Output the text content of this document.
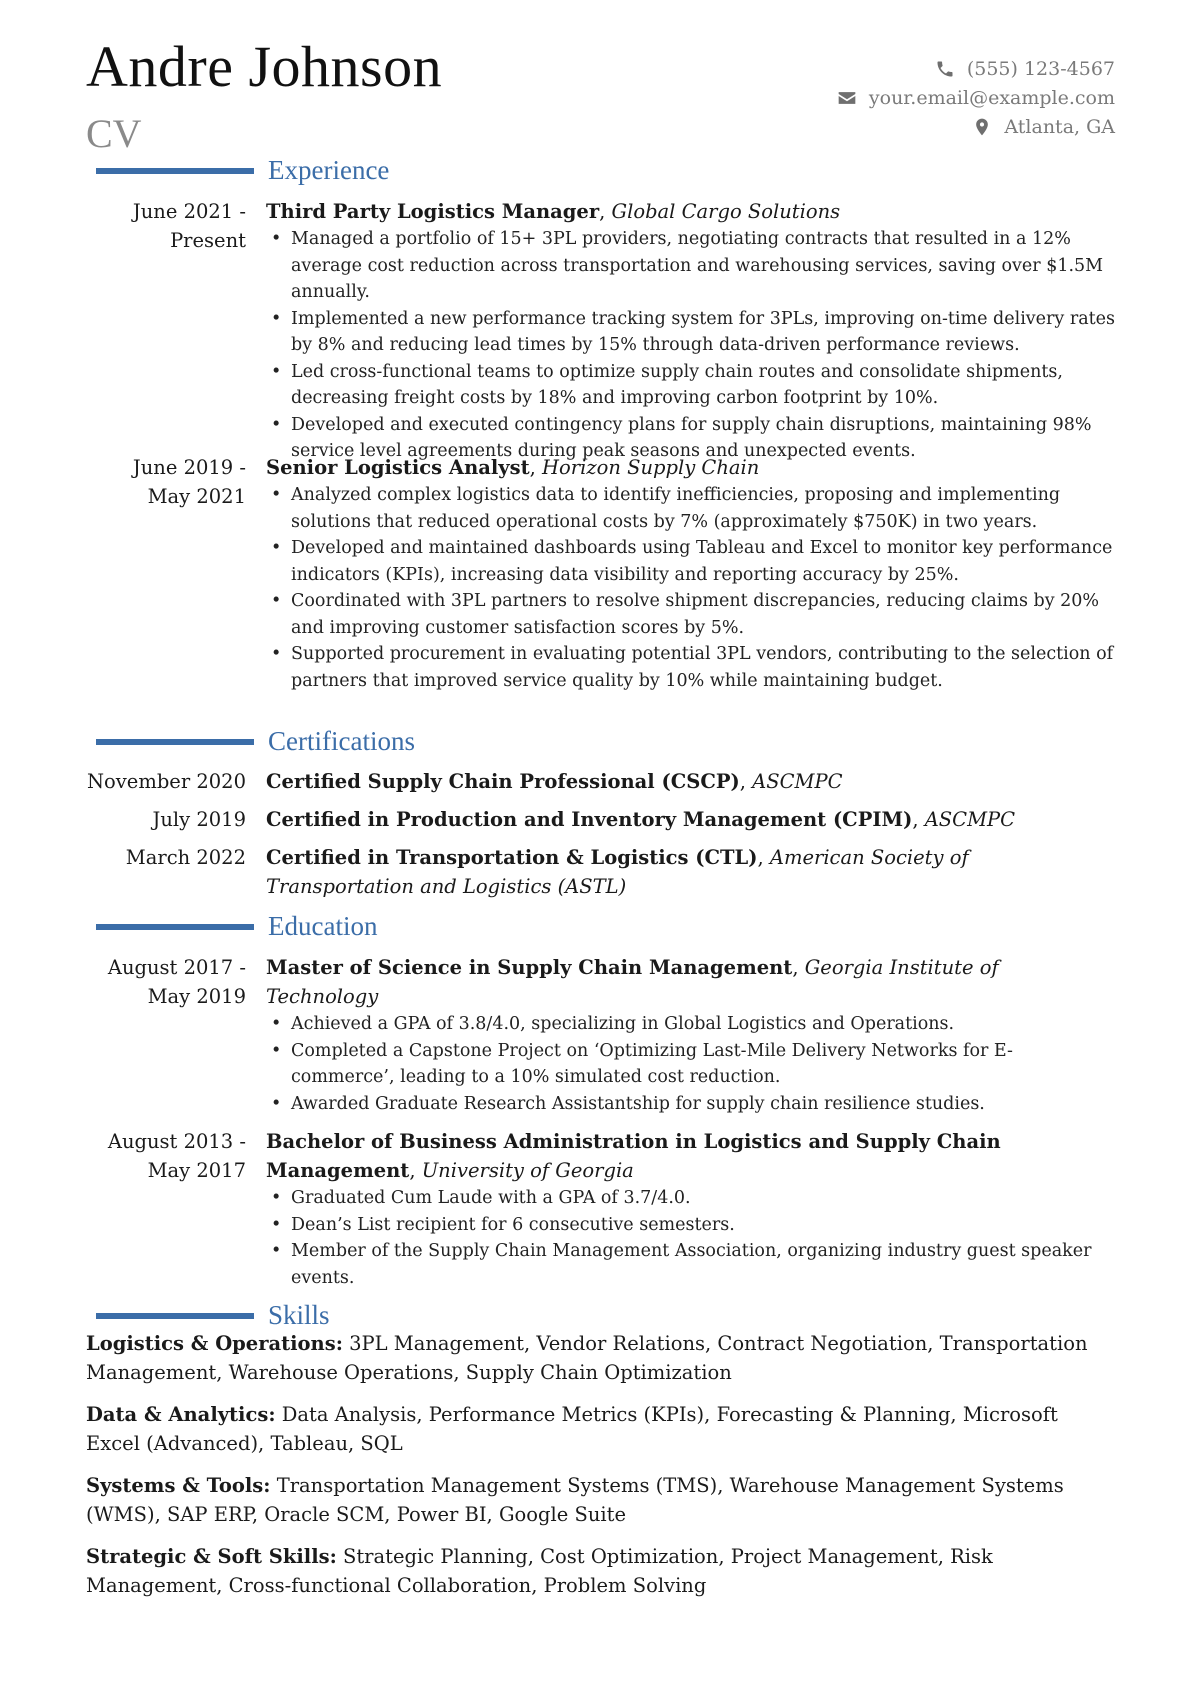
Andre Johnson
CV
(555) 123-4567
your.email@example.com
Atlanta, GA
Experience
June 2021 -
Present
Third Party Logistics Manager, Global Cargo Solutions
• Managed a portfolio of 15+ 3PL providers, negotiating contracts that resulted in a 12% average cost reduction across transportation and warehousing services, saving over $1.5M annually.
• Implemented a new performance tracking system for 3PLs, improving on-time delivery rates by 8% and reducing lead times by 15% through data-driven performance reviews.
• Led cross-functional teams to optimize supply chain routes and consolidate shipments, decreasing freight costs by 18% and improving carbon footprint by 10%.
• Developed and executed contingency plans for supply chain disruptions, maintaining 98% service level agreements during peak seasons and unexpected events.
June 2019 -
May 2021
Senior Logistics Analyst, Horizon Supply Chain
• Analyzed complex logistics data to identify inefficiencies, proposing and implementing solutions that reduced operational costs by 7% (approximately $750K) in two years.
• Developed and maintained dashboards using Tableau and Excel to monitor key performance indicators (KPIs), increasing data visibility and reporting accuracy by 25%.
• Coordinated with 3PL partners to resolve shipment discrepancies, reducing claims by 20% and improving customer satisfaction scores by 5%.
• Supported procurement in evaluating potential 3PL vendors, contributing to the selection of partners that improved service quality by 10% while maintaining budget.
Certifications
November 2020 Certified Supply Chain Professional (CSCP), ASCMPC
July 2019 Certified in Production and Inventory Management (CPIM), ASCMPC
March 2022 Certified in Transportation & Logistics (CTL), American Society of Transportation and Logistics (ASTL)
Education
August 2017 -
May 2019
Master of Science in Supply Chain Management, Georgia Institute of Technology
• Achieved a GPA of 3.8/4.0, specializing in Global Logistics and Operations.
• Completed a Capstone Project on ‘Optimizing Last-Mile Delivery Networks for E-commerce’, leading to a 10% simulated cost reduction.
• Awarded Graduate Research Assistantship for supply chain resilience studies.
August 2013 -
May 2017
Bachelor of Business Administration in Logistics and Supply Chain Management, University of Georgia
• Graduated Cum Laude with a GPA of 3.7/4.0.
• Dean’s List recipient for 6 consecutive semesters.
• Member of the Supply Chain Management Association, organizing industry guest speaker events.
Skills
Logistics & Operations: 3PL Management, Vendor Relations, Contract Negotiation, Transportation Management, Warehouse Operations, Supply Chain Optimization
Data & Analytics: Data Analysis, Performance Metrics (KPIs), Forecasting & Planning, Microsoft Excel (Advanced), Tableau, SQL
Systems & Tools: Transportation Management Systems (TMS), Warehouse Management Systems (WMS), SAP ERP, Oracle SCM, Power BI, Google Suite
Strategic & Soft Skills: Strategic Planning, Cost Optimization, Project Management, Risk Management, Cross-functional Collaboration, Problem Solving
